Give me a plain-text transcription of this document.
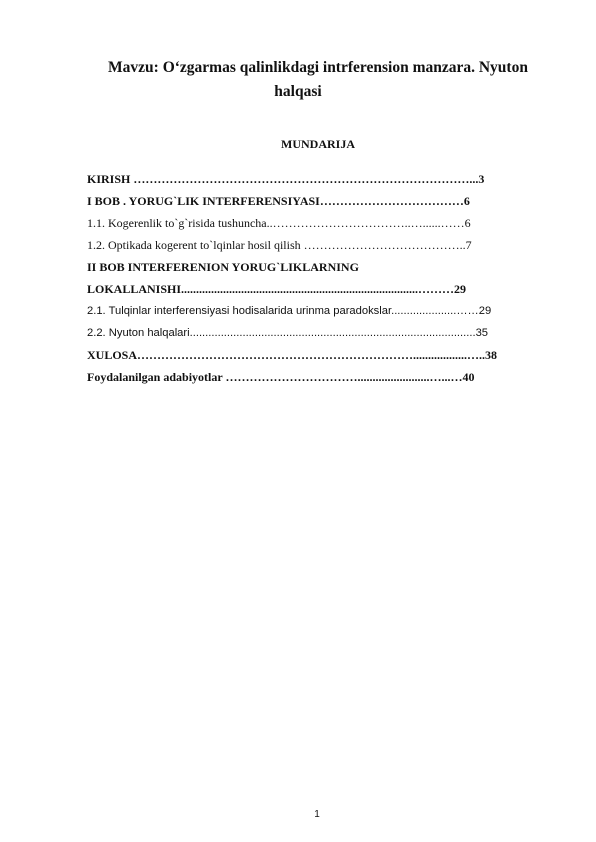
Mavzu: O‘zgarmas qalinlikdagi intrferension manzara. Nyuton
halqasi
MUNDARIJA
KIRISH …………………………………………………………………………...3
I BOB . YORUG`LIK INTERFERENSIYASI………………………………6
1.1. Kogerenlik to`g`risida tushuncha..……………………………..…......……6
1.2. Optikada kogerent to`lqinlar hosil qilish …………………………………..7
II BOB INTERFERENION YORUG`LIKLARNING
LOKALLANISHI...............................................................................………29
2.1. Tulqinlar interferensiyasi hodisalarida urinma paradokslar.....................……29
2.2. Nyuton halqalari............................................................................................35
XULOSA……………………………………………………………..................…..38
Foydalanilgan adabiyotlar ……………………………........................…...…40
1
